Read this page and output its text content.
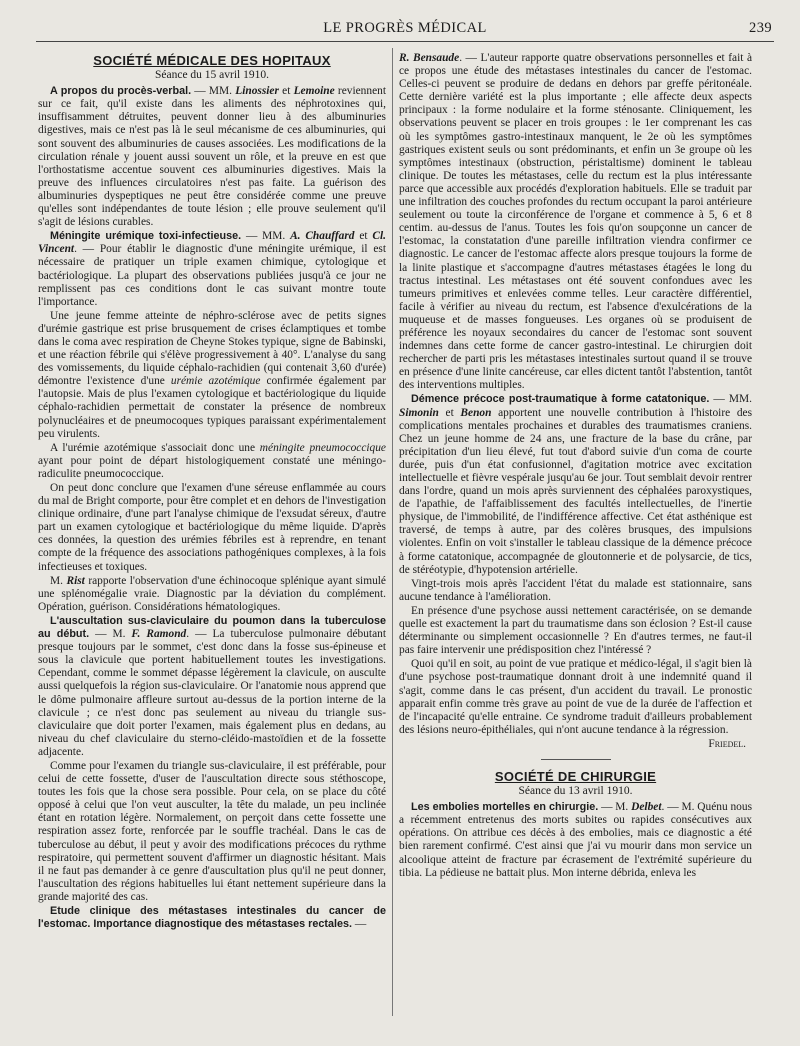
LE PROGRÈS MÉDICAL	239
SOCIÉTÉ MÉDICALE DES HOPITAUX
Séance du 15 avril 1910.

A propos du procès-verbal. — MM. Linossier et Lemoine reviennent sur ce fait, qu'il existe dans les aliments des néphrotoxines qui, insuffisamment détruites, peuvent donner lieu à des albuminuries digestives, mais ce n'est pas là le seul mécanisme de ces albuminuries, qui sont souvent des albuminuries de causes associées. Les modifications de la circulation rénale y jouent aussi souvent un rôle, et la preuve en est que l'orthostatisme accentue souvent ces albuminuries digestives. Mais la preuve des influences circulatoires n'est pas faite. La guérison des albuminuries dyspeptiques ne peut être considérée comme une preuve qu'elles sont indépendantes de toute lésion ; elle prouve seulement qu'il s'agit de lésions curables.

Méningite urémique toxi-infectieuse. — MM. A. Chauffard et Cl. Vincent. — Pour établir le diagnostic d'une méningite urémique, il est nécessaire de pratiquer un triple examen chimique, cytologique et bactériologique. La plupart des observations publiées jusqu'à ce jour ne remplissent pas ces conditions dont le cas suivant montre toute l'importance.

Une jeune femme atteinte de néphro-sclérose avec de petits signes d'urémie gastrique est prise brusquement de crises éclamptiques et tombe dans le coma avec respiration de Cheyne Stokes typique, signe de Babinski, et une réaction fébrile qui s'élève progressivement à 40°. L'analyse du sang des vomissements, du liquide céphalo-rachidien (qui contenait 3,60 d'urée) démontre l'existence d'une urémie azotémique confirmée également par l'autopsie. Mais de plus l'examen cytologique et bactériologique du liquide céphalo-rachidien permettait de constater la présence de nombreux polynucléaires et de pneumocoques typiques paraissant expérimentalement peu virulents.

A l'urémie azotémique s'associait donc une méningite pneumococcique ayant pour point de départ histologiquement constaté une méningo-radiculite pneumococcique.

On peut donc conclure que l'examen d'une séreuse enflammée au cours du mal de Bright comporte, pour être complet et en dehors de l'investigation clinique ordinaire, d'une part l'analyse chimique de l'exsudat séreux, d'autre part un examen cytologique et bactériologique du même liquide. D'après ces données, la question des urémies fébriles est à reprendre, en tenant compte de la fréquence des associations pathogéniques complexes, à la fois infectieuses et toxiques.

M. Rist rapporte l'observation d'une échinocoque splénique ayant simulé une splénomégalie vraie. Diagnostic par la déviation du complément. Opération, guérison. Considérations hématologiques.

L'auscultation sus-claviculaire du poumon dans la tuberculose au début. — M. F. Ramond. — La tuberculose pulmonaire débutant presque toujours par le sommet, c'est donc dans la fosse sus-épineuse et sous la clavicule que portent habituellement toutes les investigations. Cependant, comme le sommet dépasse légèrement la clavicule, on ausculte aussi quelquefois la région sus-claviculaire. Or l'anatomie nous apprend que le dôme pulmonaire affleure surtout au-dessus de la portion interne de la clavicule ; ce n'est donc pas seulement au niveau du triangle sus-claviculaire que doit porter l'examen, mais également plus en dedans, au niveau du chef claviculaire du sterno-cléido-mastoïdien et de la fossette adjacente.

Comme pour l'examen du triangle sus-claviculaire, il est préférable, pour celui de cette fossette, d'user de l'auscultation directe sous stéthoscope, toutes les fois que la chose sera possible. Pour cela, on se place du côté opposé à celui que l'on veut ausculter, la tête du malade, un peu inclinée étant en rotation légère. Normalement, on perçoit dans cette fossette une respiration assez forte, renforcée par le souffle trachéal. Dans le cas de tuberculose au début, il peut y avoir des modifications précoces du rythme respiratoire, qui permettent souvent d'affirmer un diagnostic hésitant. Mais il ne faut pas demander à ce genre d'auscultation plus qu'il ne peut donner, l'auscultation des régions habituelles lui étant nettement supérieure dans la grande majorité des cas.

Etude clinique des métastases intestinales du cancer de l'estomac. Importance diagnostique des métastases rectales. —

R. Bensaude. — L'auteur rapporte quatre observations personnelles et fait à ce propos une étude des métastases intestinales du cancer de l'estomac. Celles-ci peuvent se produire de dedans en dehors par greffe péritonéale. Cette dernière variété est la plus importante ; elle affecte deux aspects principaux : la forme nodulaire et la forme sténosante. Cliniquement, les observations peuvent se placer en trois groupes : le 1er comprenant les cas où les symptômes gastro-intestinaux manquent, le 2e où les symptômes gastriques existent seuls ou sont prédominants, et enfin un 3e groupe où les symptômes intestinaux (obstruction, péristaltisme) dominent le tableau clinique. De toutes les métastases, celle du rectum est la plus intéressante parce que accessible aux procédés d'exploration habituels. Elle se traduit par une infiltration des couches profondes du rectum occupant la paroi antérieure seulement ou toute la circonférence de l'organe et commence à 5, 6 et 8 centim. au-dessus de l'anus. Toutes les fois qu'on soupçonne un cancer de l'estomac, la constatation d'une pareille infiltration viendra confirmer ce diagnostic. Le cancer de l'estomac affecte alors presque toujours la forme de la linite plastique et s'accompagne d'autres métastases étagées le long du tractus intestinal. Les métastases ont été souvent confondues avec les tumeurs primitives et enlevées comme telles. Leur caractère différentiel, facile à vérifier au niveau du rectum, est l'absence d'exulcérations de la muqueuse et de masses fongueuses. Les organes où se produisent de préférence les noyaux secondaires du cancer de l'estomac sont souvent indemnes dans cette forme de cancer gastro-intestinal. Le chirurgien doit rechercher de parti pris les métastases intestinales surtout quand il se trouve en présence d'une linite cancéreuse, car elles dictent tantôt l'abstention, tantôt des interventions multiples.

Démence précoce post-traumatique à forme catatonique. — MM. Simonin et Benon apportent une nouvelle contribution à l'histoire des complications mentales prochaines et durables des traumatismes craniens. Chez un jeune homme de 24 ans, une fracture de la base du crâne, par précipitation d'un lieu élevé, fut tout d'abord suivie d'un coma de courte durée, puis d'un état confusionnel, d'agitation motrice avec excitation intellectuelle et fièvre vespérale jusqu'au 6e jour. Tout semblait devoir rentrer dans l'ordre, quand un mois après surviennent des céphalées paroxystiques, de l'apathie, de l'affaiblissement des facultés intellectuelles, de l'inertie physique, de l'immobilité, de l'indifférence affective. Cet état asthénique est traversé, de temps à autre, par des colères brusques, des impulsions violentes. Enfin on voit s'installer le tableau classique de la démence précoce à forme catatonique, accompagnée de gloutonnerie et de polysarcie, de tics, de stéréotypie, d'hypotension artérielle.

Vingt-trois mois après l'accident l'état du malade est stationnaire, sans aucune tendance à l'amélioration.

En présence d'une psychose aussi nettement caractérisée, on se demande quelle est exactement la part du traumatisme dans son éclosion ? Est-il cause déterminante ou simplement occasionnelle ? En d'autres termes, ne faut-il pas faire intervenir une prédisposition chez l'intéressé ?

Quoi qu'il en soit, au point de vue pratique et médico-légal, il s'agit bien là d'une psychose post-traumatique donnant droit à une indemnité quand il s'agit, comme dans le cas présent, d'un accident du travail. Le pronostic apparait enfin comme très grave au point de vue de la durée de l'affection et de l'incapacité qu'elle entraine. Ce syndrome traduit d'ailleurs probablement des lésions neuro-épithéliales, qui n'ont aucune tendance à la régression.

Friedel.
SOCIÉTÉ DE CHIRURGIE
Séance du 13 avril 1910.

Les embolies mortelles en chirurgie. — M. Delbet. — M. Quénu nous a récemment entretenus des morts subites ou rapides consécutives aux opérations. On attribue ces décès à des embolies, mais ce diagnostic a été bien rarement confirmé. C'est ainsi que j'ai vu mourir dans mon service un alcoolique atteint de fracture par écrasement de l'extrémité supérieure du tibia. La pédieuse ne battait plus. Mon interne débrida, enleva les
